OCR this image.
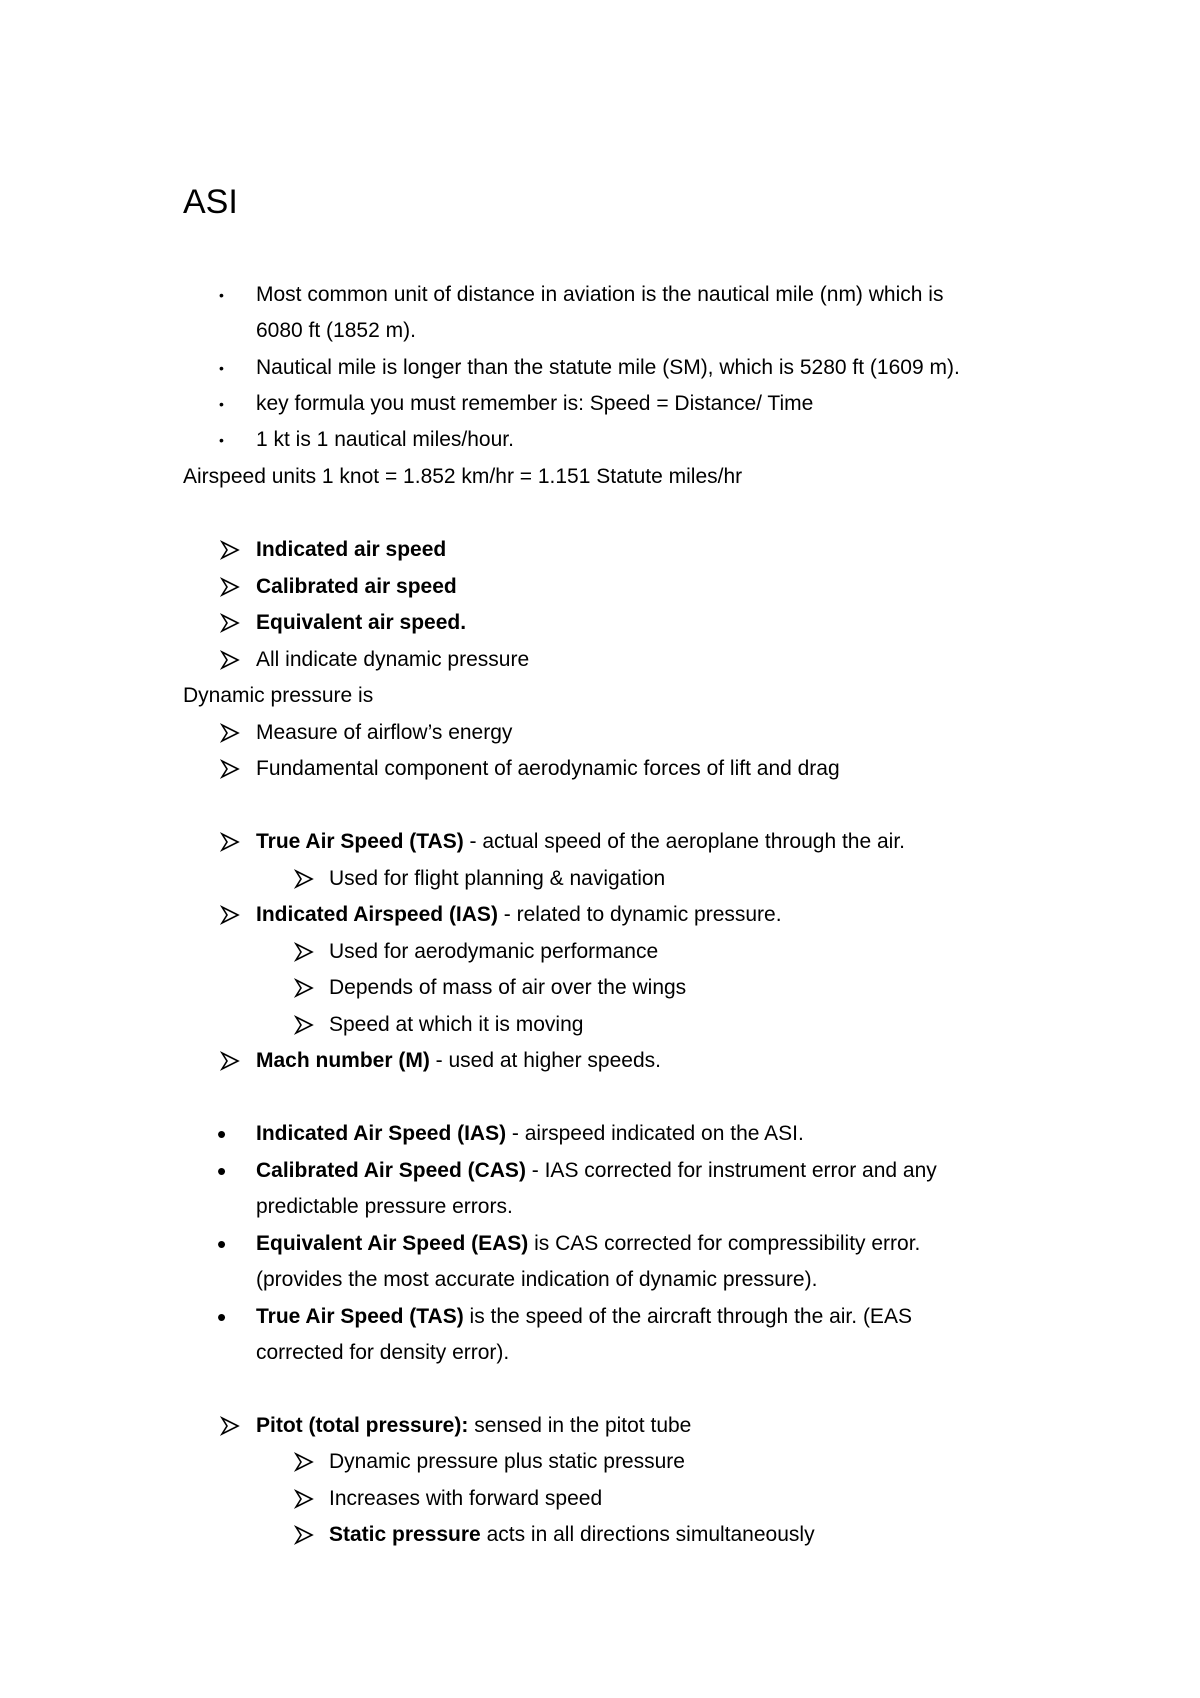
ASI
• Most common unit of distance in aviation is the nautical mile (nm) which is
6080 ft (1852 m).
• Nautical mile is longer than the statute mile (SM), which is 5280 ft (1609 m).
• key formula you must remember is: Speed = Distance/ Time
• 1 kt is 1 nautical miles/hour.
Airspeed units 1 knot = 1.852 km/hr = 1.151 Statute miles/hr
Indicated air speed
Calibrated air speed
Equivalent air speed.
All indicate dynamic pressure
Dynamic pressure is
Measure of airflow’s energy
Fundamental component of aerodynamic forces of lift and drag
True Air Speed (TAS) - actual speed of the aeroplane through the air.
Used for flight planning & navigation
Indicated Airspeed (IAS) - related to dynamic pressure.
Used for aerodymanic performance
Depends of mass of air over the wings
Speed at which it is moving
Mach number (M) - used at higher speeds.
• Indicated Air Speed (IAS) - airspeed indicated on the ASI.
• Calibrated Air Speed (CAS) - IAS corrected for instrument error and any
predictable pressure errors.
• Equivalent Air Speed (EAS) is CAS corrected for compressibility error.
(provides the most accurate indication of dynamic pressure).
• True Air Speed (TAS) is the speed of the aircraft through the air. (EAS
corrected for density error).
Pitot (total pressure): sensed in the pitot tube
Dynamic pressure plus static pressure
Increases with forward speed
Static pressure acts in all directions simultaneously
